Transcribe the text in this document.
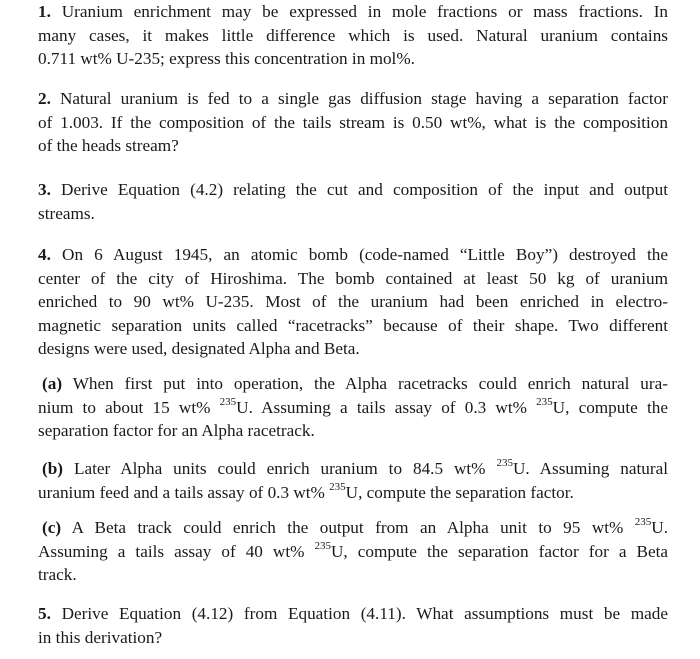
1. Uranium enrichment may be expressed in mole fractions or mass fractions. In
many cases, it makes little difference which is used. Natural uranium contains
0.711 wt% U-235; express this concentration in mol%.
2. Natural uranium is fed to a single gas diffusion stage having a separation factor
of 1.003. If the composition of the tails stream is 0.50 wt%, what is the composition
of the heads stream?
3. Derive Equation (4.2) relating the cut and composition of the input and output
streams.
4. On 6 August 1945, an atomic bomb (code-named “Little Boy”) destroyed the
center of the city of Hiroshima. The bomb contained at least 50 kg of uranium
enriched to 90 wt% U-235. Most of the uranium had been enriched in electro-
magnetic separation units called “racetracks” because of their shape. Two different
designs were used, designated Alpha and Beta.
(a) When first put into operation, the Alpha racetracks could enrich natural ura-
nium to about 15 wt% $^{235}$U. Assuming a tails assay of 0.3 wt% $^{235}$U, compute the
separation factor for an Alpha racetrack.
(b) Later Alpha units could enrich uranium to 84.5 wt% $^{235}$U. Assuming natural
uranium feed and a tails assay of 0.3 wt% $^{235}$U, compute the separation factor.
(c) A Beta track could enrich the output from an Alpha unit to 95 wt% $^{235}$U.
Assuming a tails assay of 40 wt% $^{235}$U, compute the separation factor for a Beta
track.
5. Derive Equation (4.12) from Equation (4.11). What assumptions must be made
in this derivation?
